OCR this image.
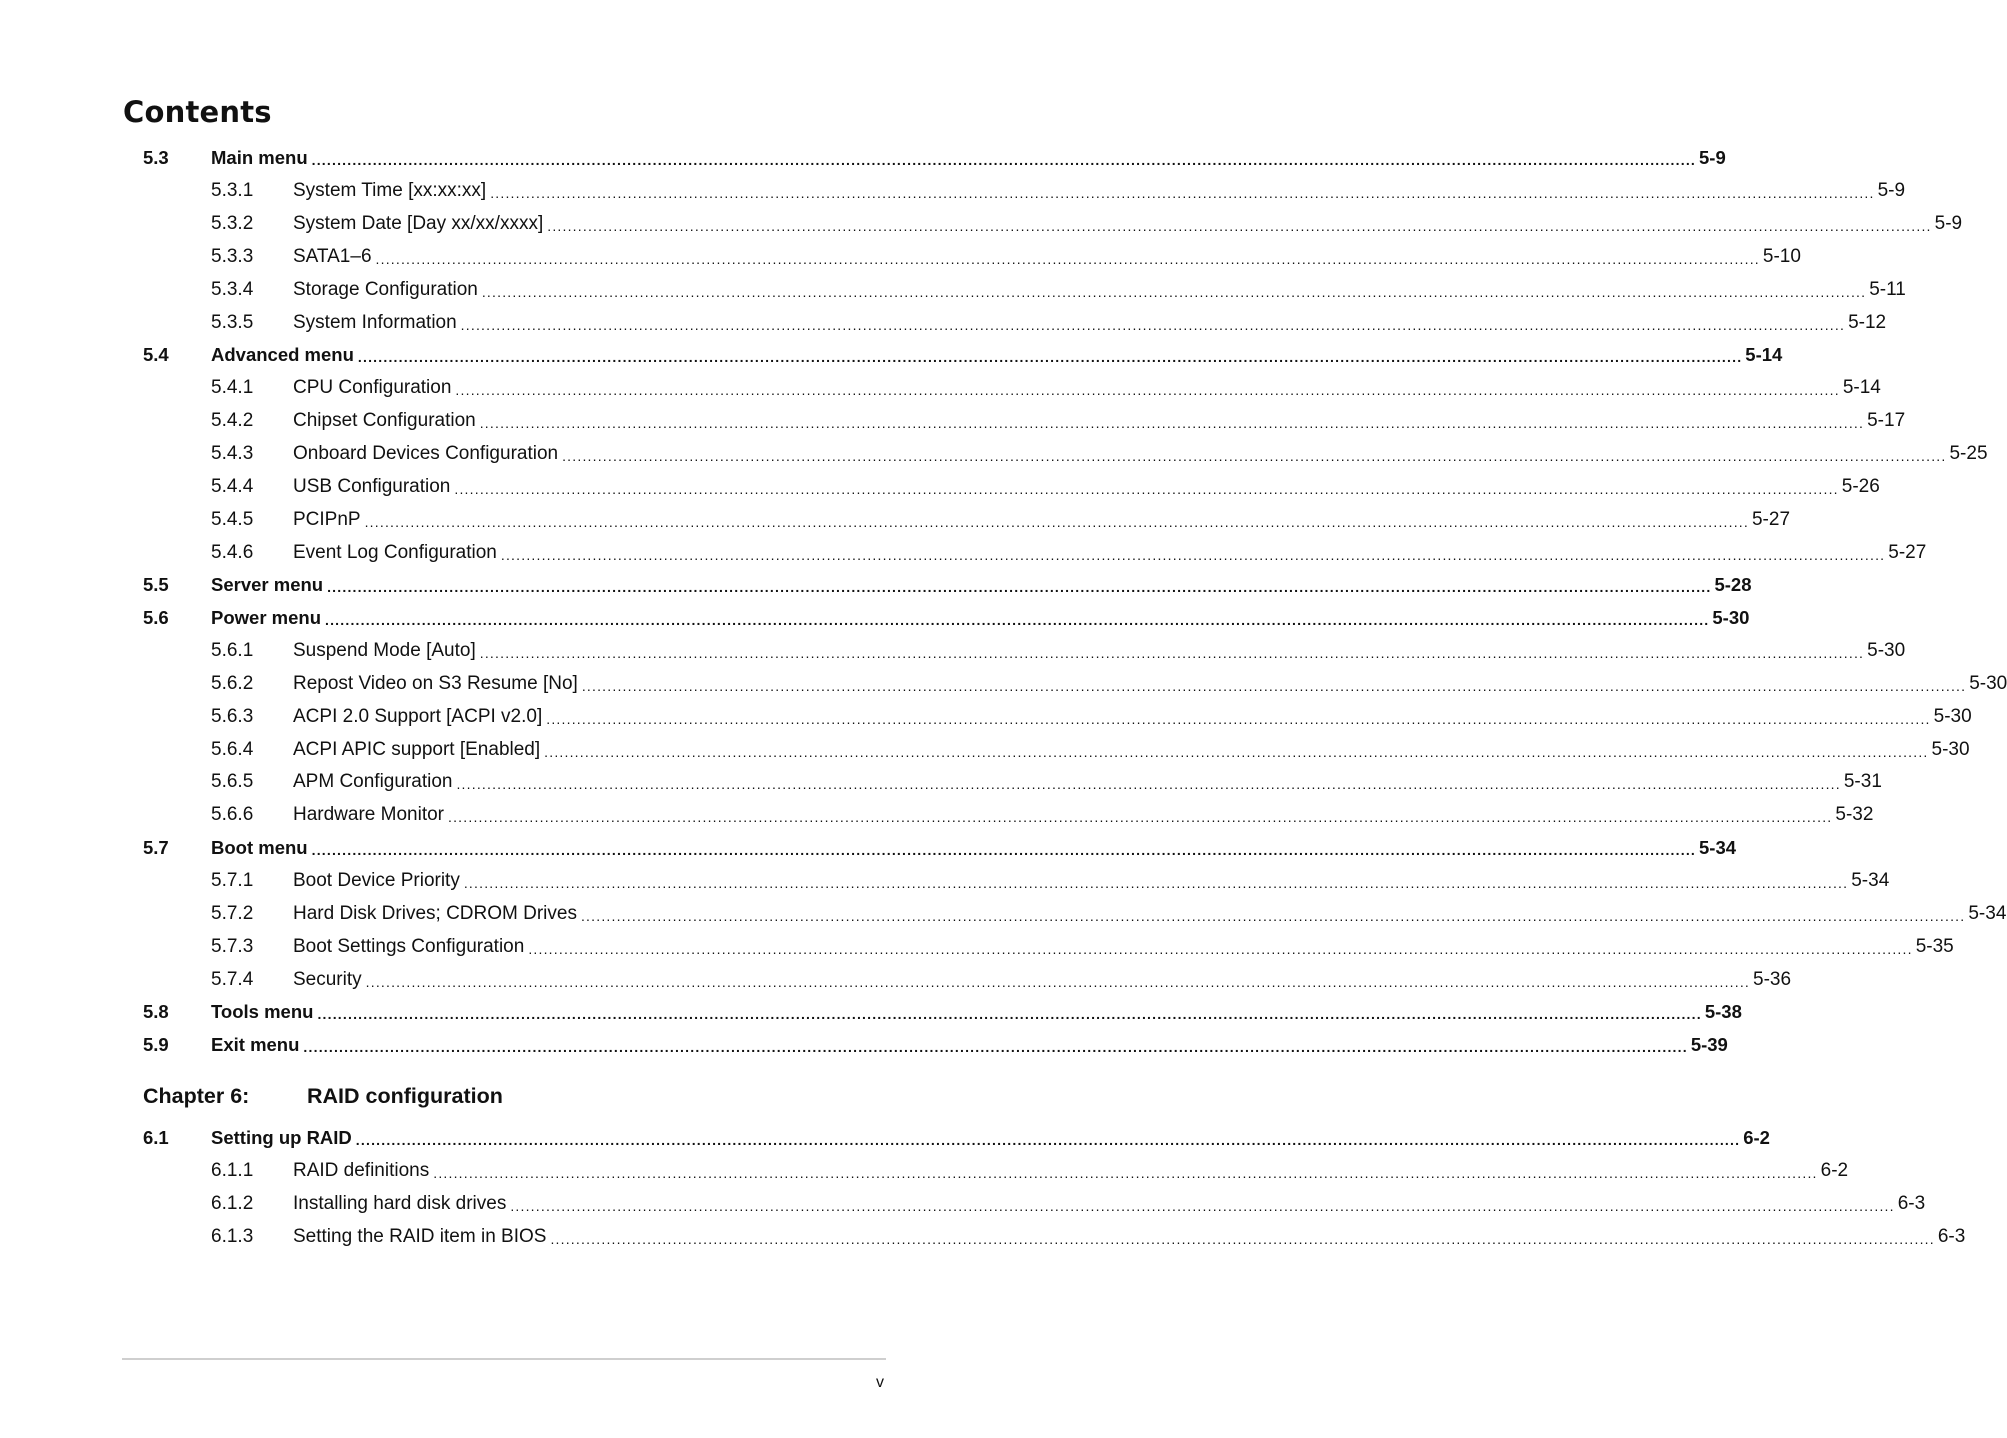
Contents
5.3 Main menu ................................................................................................................................................................................................................................................................................ 5-9
5.3.1 System Time [xx:xx:xx] ................................................................................................................................................................................................................................................................................ 5-9
5.3.2 System Date [Day xx/xx/xxxx] ................................................................................................................................................................................................................................................................................ 5-9
5.3.3 SATA1–6 ................................................................................................................................................................................................................................................................................ 5-10
5.3.4 Storage Configuration ................................................................................................................................................................................................................................................................................ 5-11
5.3.5 System Information ................................................................................................................................................................................................................................................................................ 5-12
5.4 Advanced menu ................................................................................................................................................................................................................................................................................ 5-14
5.4.1 CPU Configuration ................................................................................................................................................................................................................................................................................ 5-14
5.4.2 Chipset Configuration ................................................................................................................................................................................................................................................................................ 5-17
5.4.3 Onboard Devices Configuration ................................................................................................................................................................................................................................................................................ 5-25
5.4.4 USB Configuration ................................................................................................................................................................................................................................................................................ 5-26
5.4.5 PCIPnP ................................................................................................................................................................................................................................................................................ 5-27
5.4.6 Event Log Configuration ................................................................................................................................................................................................................................................................................ 5-27
5.5 Server menu ................................................................................................................................................................................................................................................................................ 5-28
5.6 Power menu ................................................................................................................................................................................................................................................................................ 5-30
5.6.1 Suspend Mode [Auto] ................................................................................................................................................................................................................................................................................ 5-30
5.6.2 Repost Video on S3 Resume [No] ................................................................................................................................................................................................................................................................................ 5-30
5.6.3 ACPI 2.0 Support [ACPI v2.0] ................................................................................................................................................................................................................................................................................ 5-30
5.6.4 ACPI APIC support [Enabled] ................................................................................................................................................................................................................................................................................ 5-30
5.6.5 APM Configuration ................................................................................................................................................................................................................................................................................ 5-31
5.6.6 Hardware Monitor ................................................................................................................................................................................................................................................................................ 5-32
5.7 Boot menu ................................................................................................................................................................................................................................................................................ 5-34
5.7.1 Boot Device Priority ................................................................................................................................................................................................................................................................................ 5-34
5.7.2 Hard Disk Drives; CDROM Drives ................................................................................................................................................................................................................................................................................ 5-34
5.7.3 Boot Settings Configuration ................................................................................................................................................................................................................................................................................ 5-35
5.7.4 Security ................................................................................................................................................................................................................................................................................ 5-36
5.8 Tools menu ................................................................................................................................................................................................................................................................................ 5-38
5.9 Exit menu ................................................................................................................................................................................................................................................................................ 5-39
Chapter 6:	RAID configuration
6.1 Setting up RAID ................................................................................................................................................................................................................................................................................ 6-2
6.1.1 RAID definitions ................................................................................................................................................................................................................................................................................ 6-2
6.1.2 Installing hard disk drives ................................................................................................................................................................................................................................................................................ 6-3
6.1.3 Setting the RAID item in BIOS ................................................................................................................................................................................................................................................................................ 6-3
v
